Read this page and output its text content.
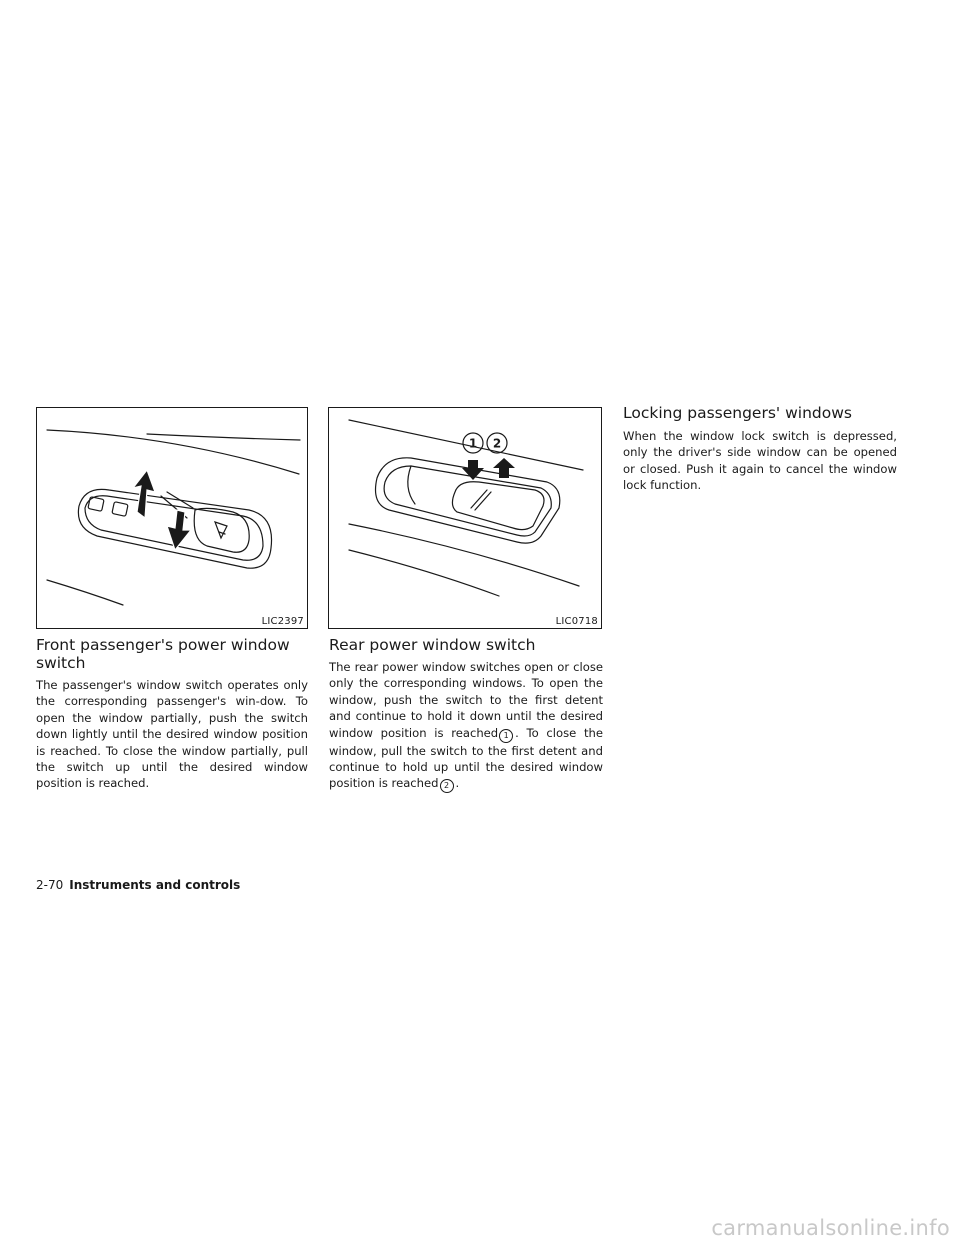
LIC2397
1 2
LIC0718
Front passenger's power window
switch

The passenger's window switch operates only the corresponding passenger's win-dow. To open the window partially, push the switch down lightly until the desired window position is reached. To close the window partially, pull the switch up until the desired window position is reached.

Rear power window switch

The rear power window switches open or close only the corresponding windows. To open the window, push the switch to the first detent and continue to hold it down until the desired window position is reached 1 . To close the window, pull the switch to the first detent and continue to hold up until the desired window position is reached 2 .

Locking passengers' windows

When the window lock switch is depressed, only the driver's side window can be opened or closed. Push it again to cancel the window lock function.

2-70 Instruments and controls
carmanualsonline.info
